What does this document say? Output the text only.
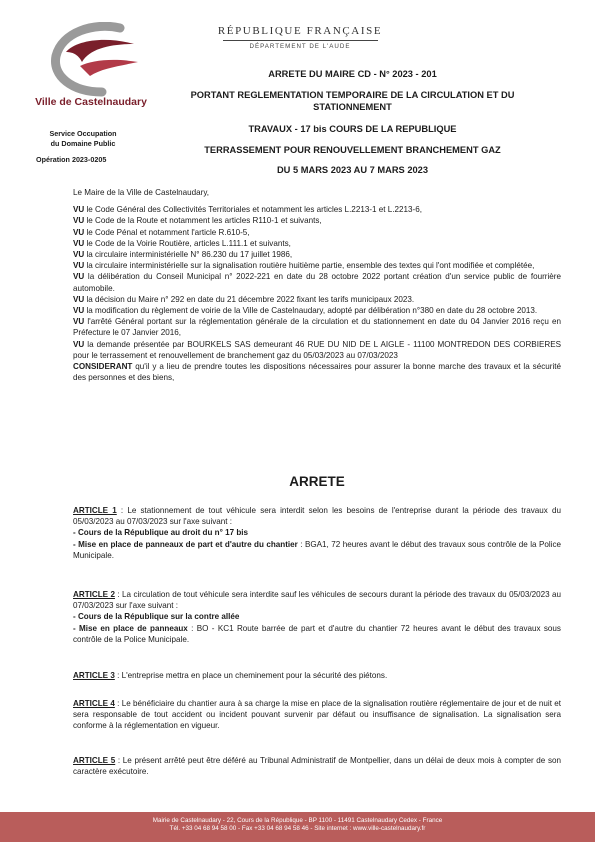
Ville de Castelnaudary
Service Occupation
du Domaine Public
Opération 2023-0205
RÉPUBLIQUE FRANÇAISE
DÉPARTEMENT DE L'AUDE
ARRETE DU MAIRE CD - N° 2023 - 201
PORTANT REGLEMENTATION TEMPORAIRE DE LA CIRCULATION ET DU
STATIONNEMENT
TRAVAUX - 17 bis COURS DE LA REPUBLIQUE
TERRASSEMENT POUR RENOUVELLEMENT BRANCHEMENT GAZ
DU 5 MARS 2023 AU 7 MARS 2023

Le Maire de la Ville de Castelnaudary,

VU le Code Général des Collectivités Territoriales et notamment les articles L.2213-1 et L.2213-6,

VU le Code de la Route et notamment les articles R110-1 et suivants,

VU le Code Pénal et notamment l'article R.610-5,

VU le Code de la Voirie Routière, articles L.111.1 et suivants,

VU la circulaire interministérielle N° 86.230 du 17 juillet 1986,

VU la circulaire interministérielle sur la signalisation routière huitième partie, ensemble des textes qui l'ont modifiée et complétée,

VU la délibération du Conseil Municipal n° 2022-221 en date du 28 octobre 2022 portant création d'un service public de fourrière automobile.

VU la décision du Maire n° 292 en date du 21 décembre 2022 fixant les tarifs municipaux 2023.

VU la modification du règlement de voirie de la Ville de Castelnaudary, adopté par délibération n°380 en date du 28 octobre 2013.

VU l'arrêté Général portant sur la réglementation générale de la circulation et du stationnement en date du 04 Janvier 2016 reçu en Préfecture le 07 Janvier 2016,

VU la demande présentée par BOURKELS SAS demeurant 46 RUE DU NID DE L AIGLE - 11100 MONTREDON DES CORBIERES pour le terrassement et renouvellement de branchement gaz du 05/03/2023 au 07/03/2023

CONSIDERANT qu'il y a lieu de prendre toutes les dispositions nécessaires pour assurer la bonne marche des travaux et la sécurité des personnes et des biens,

ARRETE

ARTICLE 1 : Le stationnement de tout véhicule sera interdit selon les besoins de l'entreprise durant la période des travaux du 05/03/2023 au 07/03/2023 sur l'axe suivant :

- Cours de la République au droit du n° 17 bis

- Mise en place de panneaux de part et d'autre du chantier : BGA1, 72 heures avant le début des travaux sous contrôle de la Police Municipale.

ARTICLE 2 : La circulation de tout véhicule sera interdite sauf les véhicules de secours durant la période des travaux du 05/03/2023 au 07/03/2023 sur l'axe suivant :

- Cours de la République sur la contre allée

- Mise en place de panneaux : BO - KC1 Route barrée de part et d'autre du chantier 72 heures avant le début des travaux sous contrôle de la Police Municipale.

ARTICLE 3 : L'entreprise mettra en place un cheminement pour la sécurité des piétons.

ARTICLE 4 : Le bénéficiaire du chantier aura à sa charge la mise en place de la signalisation routière réglementaire de jour et de nuit et sera responsable de tout accident ou incident pouvant survenir par défaut ou insuffisance de signalisation. La signalisation sera conforme à la réglementation en vigueur.

ARTICLE 5 : Le présent arrêté peut être déféré au Tribunal Administratif de Montpellier, dans un délai de deux mois à compter de son caractère exécutoire.

Mairie de Castelnaudary - 22, Cours de la République - BP 1100 - 11491 Castelnaudary Cedex - France
Tél. +33 04 68 94 58 00 - Fax +33 04 68 94 58 46 - Site internet : www.ville-castelnaudary.fr
